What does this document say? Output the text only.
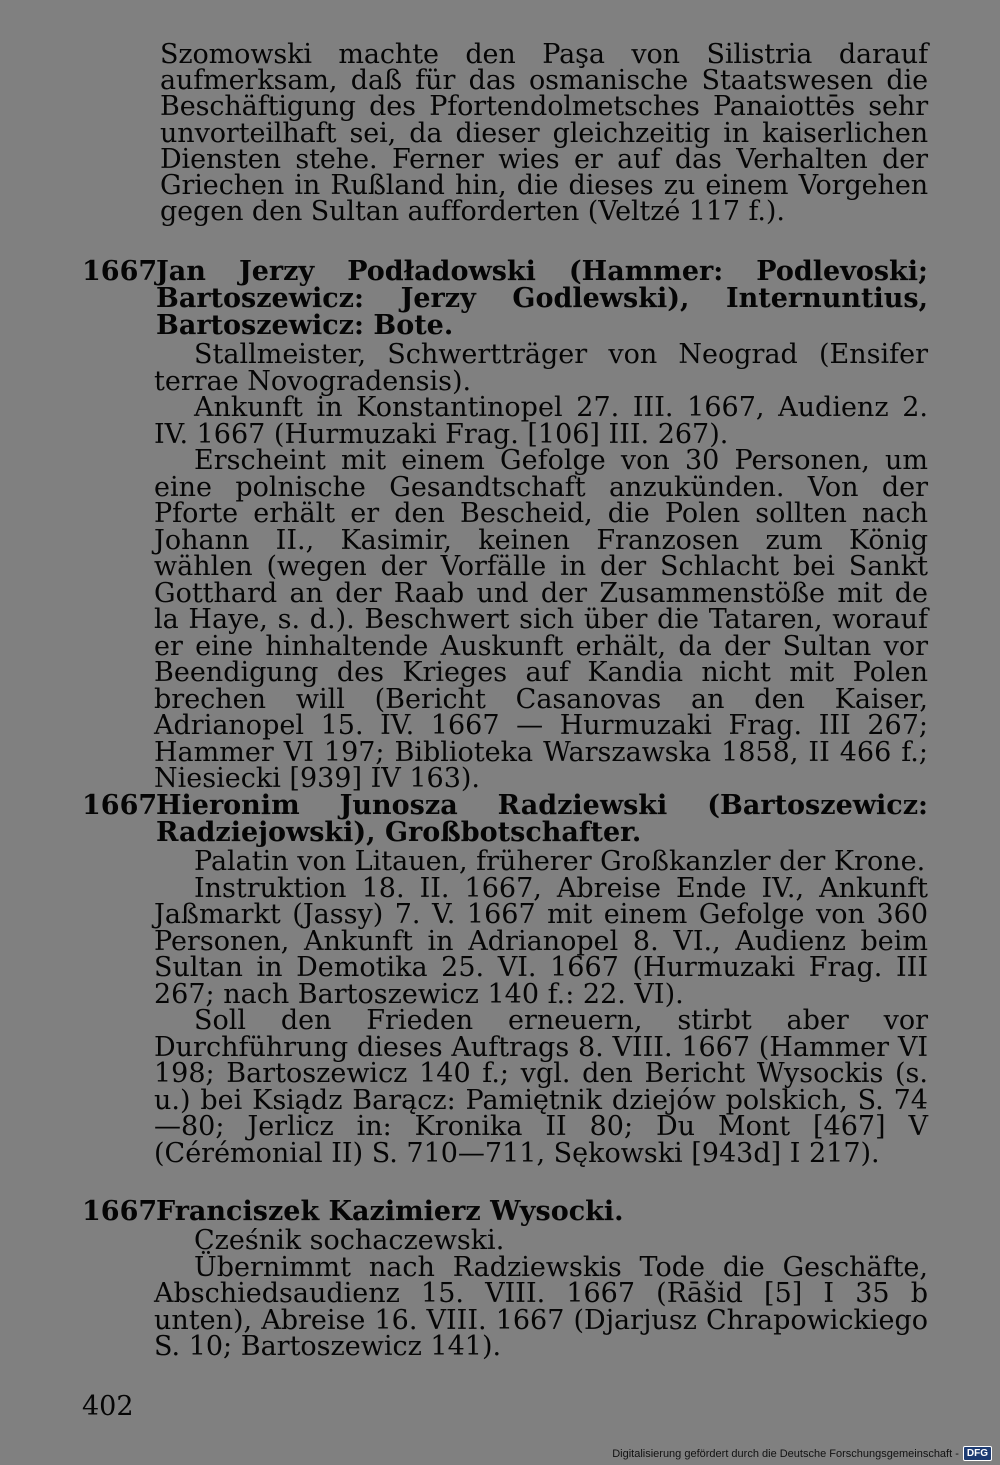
Szomowski machte den Paşa von Silistria darauf aufmerksam, daß für das osmanische Staatswesen die Beschäftigung des Pfortendolmetsches Panaiottēs sehr unvorteilhaft sei, da dieser gleichzeitig in kaiserlichen Diensten stehe. Ferner wies er auf das Verhalten der Griechen in Rußland hin, die dieses zu einem Vorgehen gegen den Sultan aufforderten (Veltzé 117 f.).
1667
Jan Jerzy Podładowski (Hammer: Podlevoski; Bartoszewicz: Jerzy Godlewski), Internuntius, Bartoszewicz: Bote.
Stallmeister, Schwertträger von Neograd (Ensifer terrae Novogradensis).
Ankunft in Konstantinopel 27. III. 1667, Audienz 2. IV. 1667 (Hurmuzaki Frag. [106] III. 267).
Erscheint mit einem Gefolge von 30 Personen, um eine polnische Gesandtschaft anzukünden. Von der Pforte erhält er den Bescheid, die Polen sollten nach Johann II., Kasimir, keinen Franzosen zum König wählen (wegen der Vorfälle in der Schlacht bei Sankt Gotthard an der Raab und der Zusammenstöße mit de la Haye, s. d.). Beschwert sich über die Tataren, worauf er eine hinhaltende Auskunft erhält, da der Sultan vor Beendigung des Krieges auf Kandia nicht mit Polen brechen will (Bericht Casanovas an den Kaiser, Adrianopel 15. IV. 1667 — Hurmuzaki Frag. III 267; Hammer VI 197; Biblioteka Warszawska 1858, II 466 f.; Niesiecki [939] IV 163).
1667
Hieronim Junosza Radziewski (Bartoszewicz: Radziejowski), Großbotschafter.
Palatin von Litauen, früherer Großkanzler der Krone.
Instruktion 18. II. 1667, Abreise Ende IV., Ankunft Jaßmarkt (Jassy) 7. V. 1667 mit einem Gefolge von 360 Personen, Ankunft in Adrianopel 8. VI., Audienz beim Sultan in Demotika 25. VI. 1667 (Hurmuzaki Frag. III 267; nach Bartoszewicz 140 f.: 22. VI).
Soll den Frieden erneuern, stirbt aber vor Durchführung dieses Auftrags 8. VIII. 1667 (Hammer VI 198; Bartoszewicz 140 f.; vgl. den Bericht Wysockis (s. u.) bei Ksiądz Barącz: Pamiętnik dziejów polskich, S. 74—80; Jerlicz in: Kronika II 80; Du Mont [467] V (Cérémonial II) S. 710—711, Sękowski [943d] I 217).
1667
Franciszek Kazimierz Wysocki.
Cześnik sochaczewski.
Übernimmt nach Radziewskis Tode die Geschäfte, Abschiedsaudienz 15. VIII. 1667 (Rāšid [5] I 35 b unten), Abreise 16. VIII. 1667 (Djarjusz Chrapowickiego S. 10; Bartoszewicz 141).
402
Digitalisierung gefördert durch die Deutsche Forschungsgemeinschaft - DFG
